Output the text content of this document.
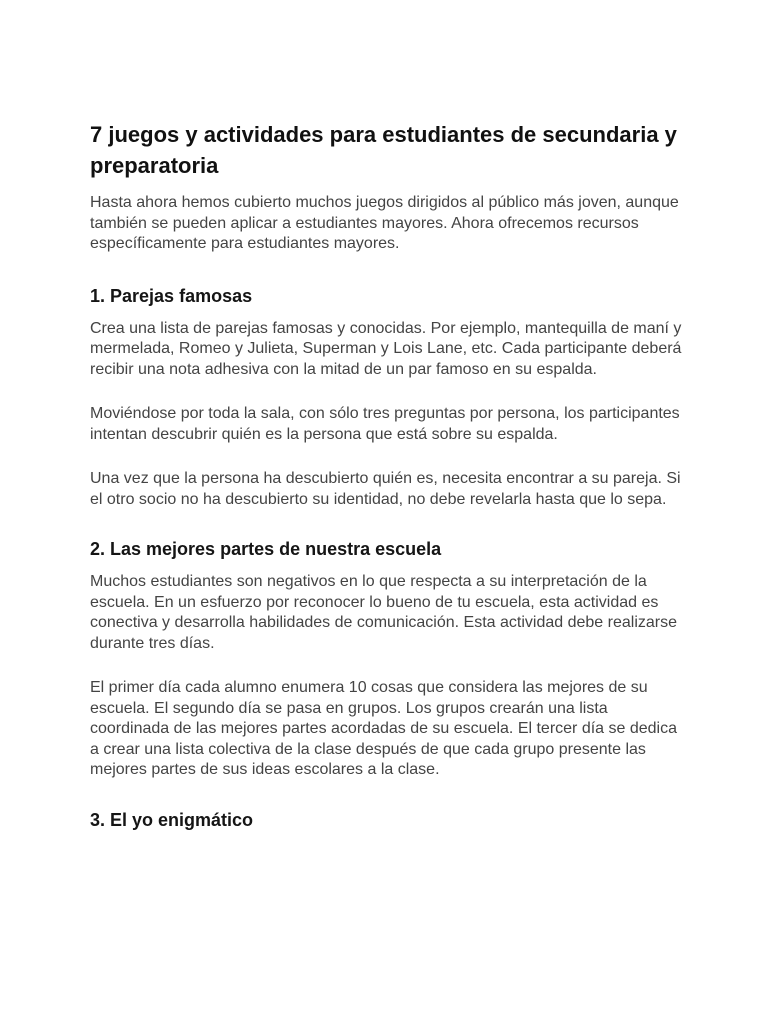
7 juegos y actividades para estudiantes de secundaria y preparatoria

Hasta ahora hemos cubierto muchos juegos dirigidos al público más joven, aunque también se pueden aplicar a estudiantes mayores. Ahora ofrecemos recursos específicamente para estudiantes mayores.

1. Parejas famosas

Crea una lista de parejas famosas y conocidas. Por ejemplo, mantequilla de maní y mermelada, Romeo y Julieta, Superman y Lois Lane, etc. Cada participante deberá recibir una nota adhesiva con la mitad de un par famoso en su espalda.

Moviéndose por toda la sala, con sólo tres preguntas por persona, los participantes intentan descubrir quién es la persona que está sobre su espalda.

Una vez que la persona ha descubierto quién es, necesita encontrar a su pareja. Si el otro socio no ha descubierto su identidad, no debe revelarla hasta que lo sepa.

2. Las mejores partes de nuestra escuela

Muchos estudiantes son negativos en lo que respecta a su interpretación de la escuela. En un esfuerzo por reconocer lo bueno de tu escuela, esta actividad es conectiva y desarrolla habilidades de comunicación. Esta actividad debe realizarse durante tres días.

El primer día cada alumno enumera 10 cosas que considera las mejores de su escuela. El segundo día se pasa en grupos. Los grupos crearán una lista coordinada de las mejores partes acordadas de su escuela. El tercer día se dedica a crear una lista colectiva de la clase después de que cada grupo presente las mejores partes de sus ideas escolares a la clase.

3. El yo enigmático
